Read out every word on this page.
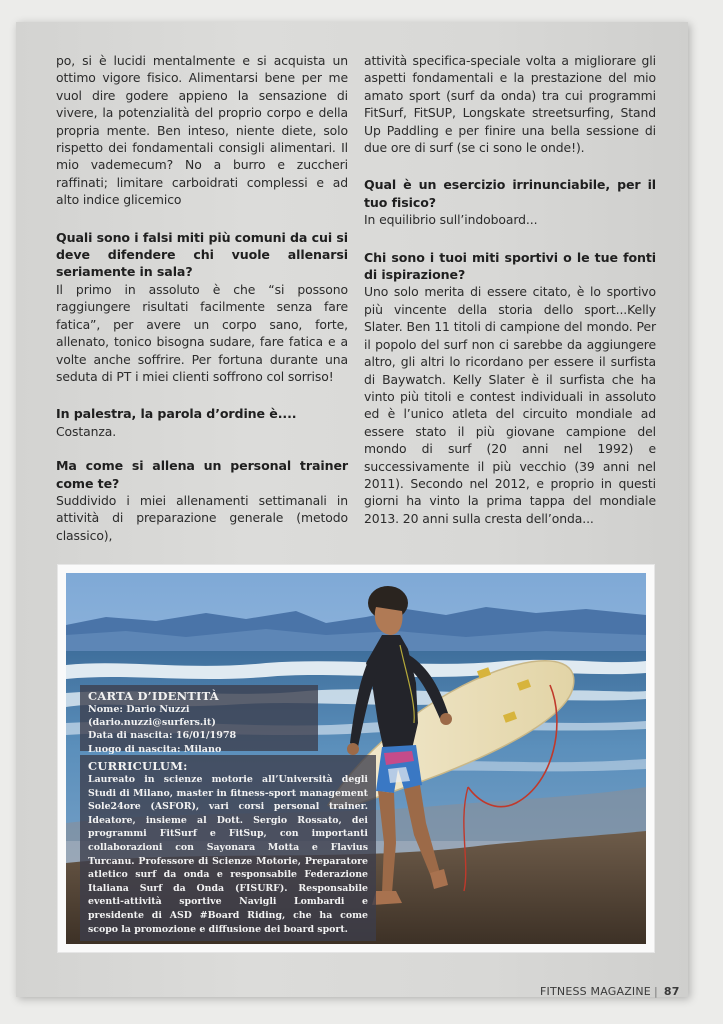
po, si è lucidi mentalmente e si acquista un ottimo vigore fisico. Alimentarsi bene per me vuol dire godere appieno la sensazione di vivere, la potenzialità del proprio corpo e della propria mente. Ben inteso, niente diete, solo rispetto dei fondamentali consigli alimentari. Il mio vademecum? No a burro e zuccheri raffinati; limitare carboidrati complessi e ad alto indice glicemico

Quali sono i falsi miti più comuni da cui si deve difendere chi vuole allenarsi seriamente in sala?

Il primo in assoluto è che “si possono raggiungere risultati facilmente senza fare fatica”, per avere un corpo sano, forte, allenato, tonico bisogna sudare, fare fatica e a volte anche soffrire. Per fortuna durante una seduta di PT i miei clienti soffrono col sorriso!

In palestra, la parola d’ordine è....

Costanza.

Ma come si allena un personal trainer come te?

Suddivido i miei allenamenti settimanali in attività di preparazione generale (metodo classico),

attività specifica-speciale volta a migliorare gli aspetti fondamentali e la prestazione del mio amato sport (surf da onda) tra cui programmi FitSurf, FitSUP, Longskate streetsurfing, Stand Up Paddling e per finire una bella sessione di due ore di surf (se ci sono le onde!).

Qual è un esercizio irrinunciabile, per il tuo fisico?

In equilibrio sull’indoboard...

Chi sono i tuoi miti sportivi o le tue fonti di ispirazione?

Uno solo merita di essere citato, è lo sportivo più vincente della storia dello sport...Kelly Slater. Ben 11 titoli di campione del mondo. Per il popolo del surf non ci sarebbe da aggiungere altro, gli altri lo ricordano per essere il surfista di Baywatch. Kelly Slater è il surfista che ha vinto più titoli e contest individuali in assoluto ed è l’unico atleta del circuito mondiale ad essere stato il più giovane campione del mondo di surf (20 anni nel 1992) e successivamente il più vecchio (39 anni nel 2011). Secondo nel 2012, e proprio in questi giorni ha vinto la prima tappa del mondiale 2013. 20 anni sulla cresta dell’onda...

CARTA D’IDENTITÀ
Nome: Dario Nuzzi (dario.nuzzi@surfers.it)
Data di nascita: 16/01/1978
Luogo di nascita: Milano
CURRICULUM:
Laureato in scienze motorie all’Università degli Studi di Milano, master in fitness-sport management Sole24ore (ASFOR), vari corsi personal trainer. Ideatore, insieme al Dott. Sergio Rossato, dei programmi FitSurf e FitSup, con importanti collaborazioni con Sayonara Motta e Flavius Turcanu. Professore di Scienze Motorie, Preparatore atletico surf da onda e responsabile Federazione Italiana Surf da Onda (FISURF). Responsabile eventi-attività sportive Navigli Lombardi e presidente di ASD #Board Riding, che ha come scopo la promozione e diffusione dei board sport.
FITNESS MAGAZINE | 87
